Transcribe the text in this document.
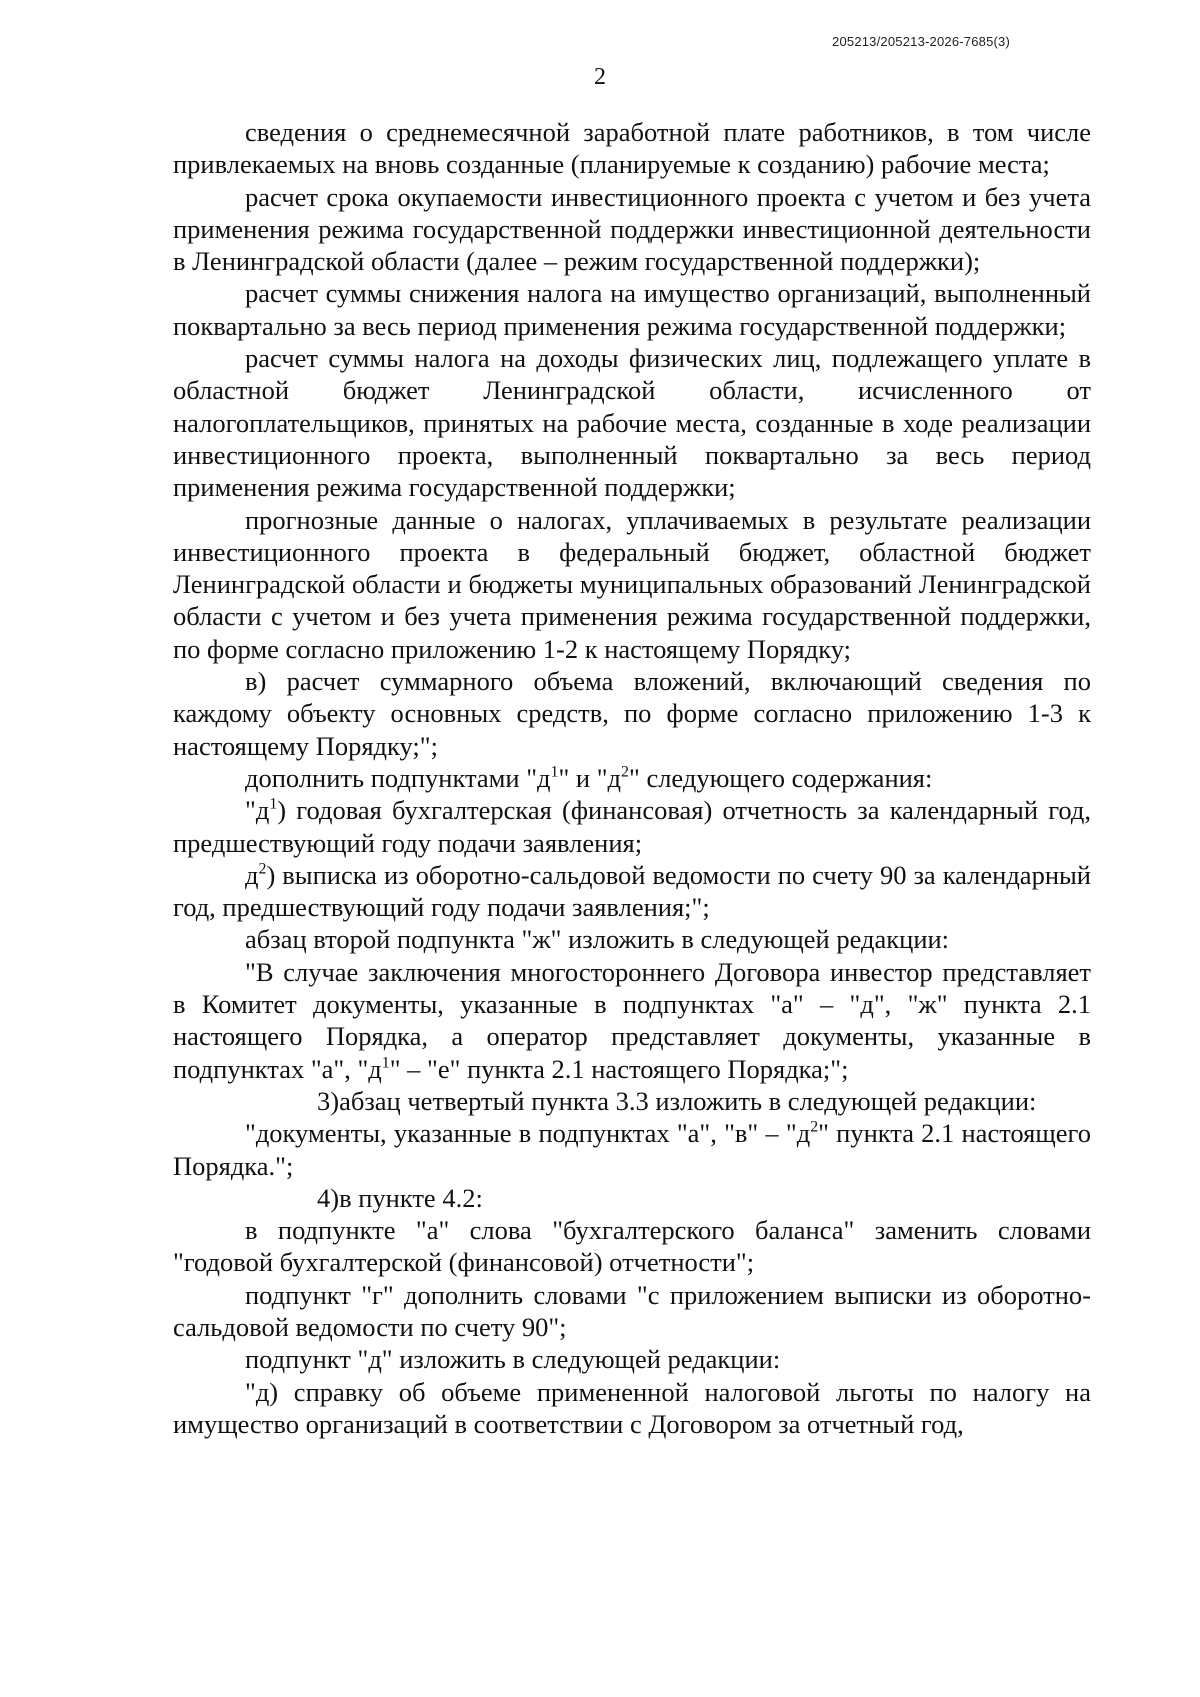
205213/205213-2026-7685(3)
2

сведения о среднемесячной заработной плате работников, в том числе привлекаемых на вновь созданные (планируемые к созданию) рабочие места;

расчет срока окупаемости инвестиционного проекта с учетом и без учета применения режима государственной поддержки инвестиционной деятельности в Ленинградской области (далее – режим государственной поддержки);

расчет суммы снижения налога на имущество организаций, выполненный поквартально за весь период применения режима государственной поддержки;

расчет суммы налога на доходы физических лиц, подлежащего уплате в областной бюджет Ленинградской области, исчисленного от налогоплательщиков, принятых на рабочие места, созданные в ходе реализации инвестиционного проекта, выполненный поквартально за весь период применения режима государственной поддержки;

прогнозные данные о налогах, уплачиваемых в результате реализации инвестиционного проекта в федеральный бюджет, областной бюджет Ленинградской области и бюджеты муниципальных образований Ленинградской области с учетом и без учета применения режима государственной поддержки, по форме согласно приложению 1-2 к настоящему Порядку;

в) расчет суммарного объема вложений, включающий сведения по каждому объекту основных средств, по форме согласно приложению 1-3 к настоящему Порядку;";

дополнить подпунктами "$д^1$" и "$д^2$" следующего содержания:

"$д^1$) годовая бухгалтерская (финансовая) отчетность за календарный год, предшествующий году подачи заявления;

$д^2$) выписка из оборотно-сальдовой ведомости по счету 90 за календарный год, предшествующий году подачи заявления;";

абзац второй подпункта "ж" изложить в следующей редакции:

"В случае заключения многостороннего Договора инвестор представляет в Комитет документы, указанные в подпунктах "а" – "д", "ж" пункта 2.1 настоящего Порядка, а оператор представляет документы, указанные в подпунктах "а", "$д^1$" – "е" пункта 2.1 настоящего Порядка;";

3)абзац четвертый пункта 3.3 изложить в следующей редакции:

"документы, указанные в подпунктах "а", "в" – "$д^2$" пункта 2.1 настоящего Порядка.";

4)в пункте 4.2:

в подпункте "а" слова "бухгалтерского баланса" заменить словами "годовой бухгалтерской (финансовой) отчетности";

подпункт "г" дополнить словами "с приложением выписки из оборотно-сальдовой ведомости по счету 90";

подпункт "д" изложить в следующей редакции:

"д) справку об объеме примененной налоговой льготы по налогу на имущество организаций в соответствии с Договором за отчетный год,
